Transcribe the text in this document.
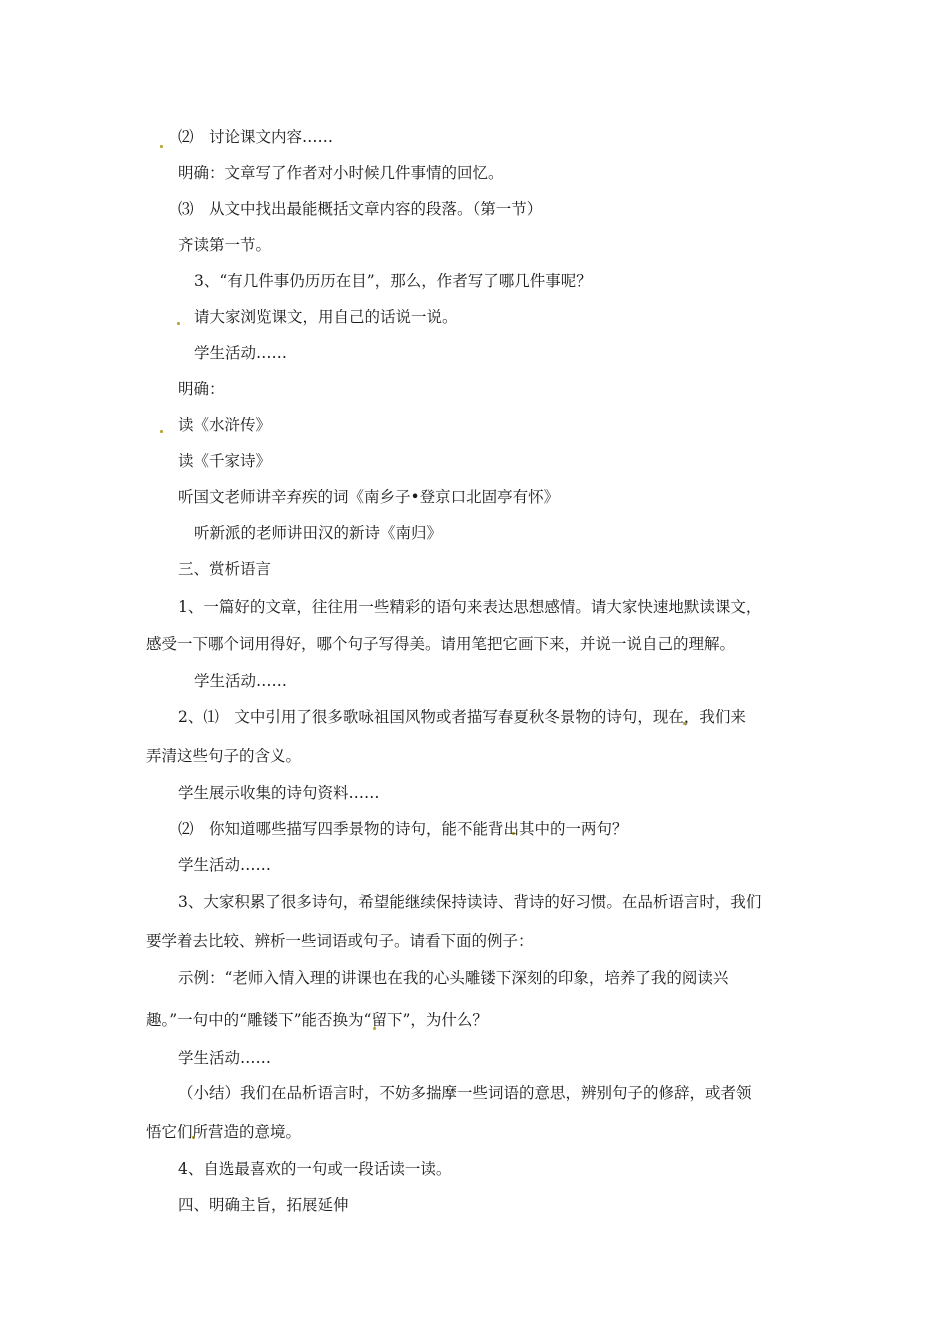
⑵　讨论课文内容……
明确：文章写了作者对小时候几件事情的回忆。
⑶　从文中找出最能概括文章内容的段落。（第一节）
齐读第一节。
3、“有几件事仍历历在目”，那么，作者写了哪几件事呢？
请大家浏览课文，用自己的话说一说。
学生活动……
明确：
读《水浒传》
读《千家诗》
听国文老师讲辛弃疾的词《南乡子•登京口北固亭有怀》
听新派的老师讲田汉的新诗《南归》
三、赏析语言
1、一篇好的文章，往往用一些精彩的语句来表达思想感情。请大家快速地默读课文，
感受一下哪个词用得好，哪个句子写得美。请用笔把它画下来，并说一说自己的理解。
学生活动……
2、⑴　文中引用了很多歌咏祖国风物或者描写春夏秋冬景物的诗句，现在，我们来
弄清这些句子的含义。
学生展示收集的诗句资料……
⑵　你知道哪些描写四季景物的诗句，能不能背出其中的一两句？
学生活动……
3、大家积累了很多诗句，希望能继续保持读诗、背诗的好习惯。在品析语言时，我们
要学着去比较、辨析一些词语或句子。请看下面的例子：
示例：“老师入情入理的讲课也在我的心头雕镂下深刻的印象，培养了我的阅读兴
趣。”一句中的“雕镂下”能否换为“留下”，为什么？
学生活动……
（小结）我们在品析语言时，不妨多揣摩一些词语的意思，辨别句子的修辞，或者领
悟它们所营造的意境。
4、自选最喜欢的一句或一段话读一读。
四、明确主旨，拓展延伸
